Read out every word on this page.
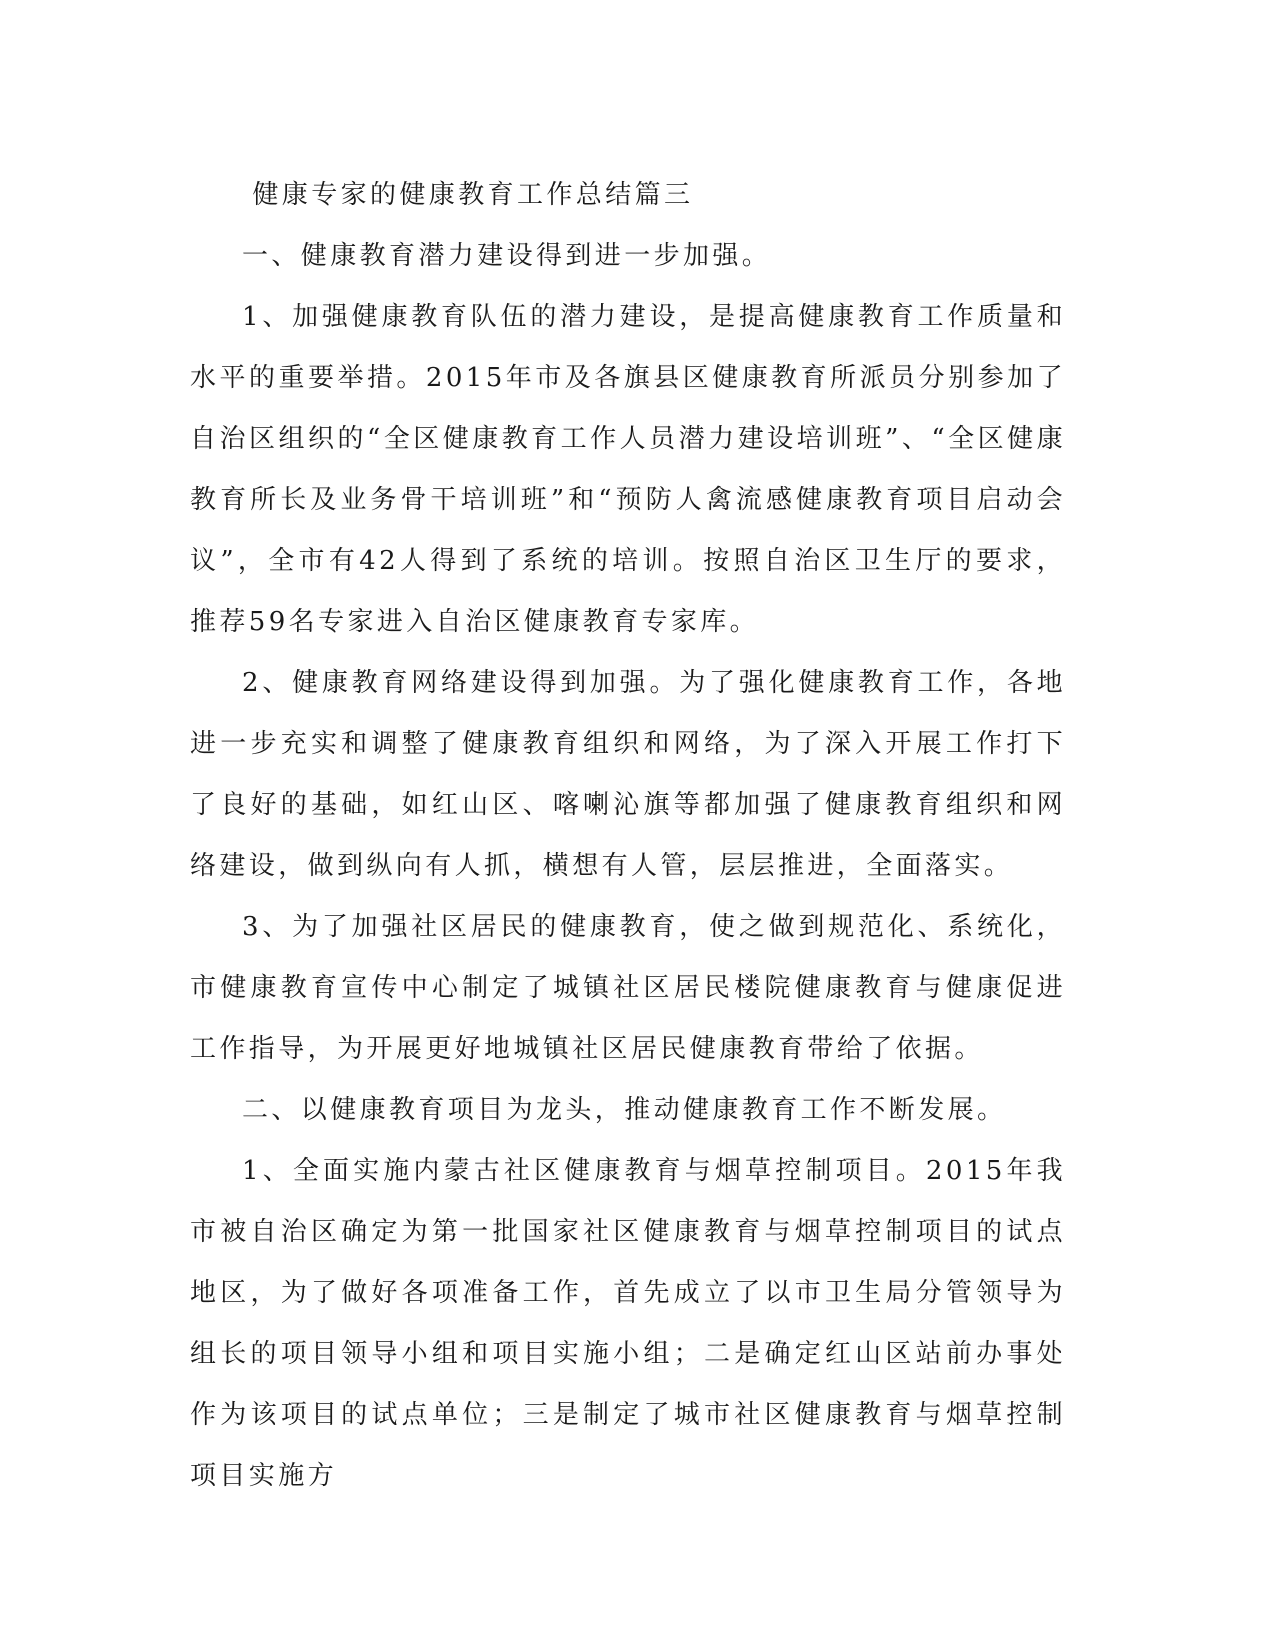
健康专家的健康教育工作总结篇三

一、健康教育潜力建设得到进一步加强。

1、加强健康教育队伍的潜力建设，是提高健康教育工作质量和水平的重要举措。2015年市及各旗县区健康教育所派员分别参加了自治区组织的“全区健康教育工作人员潜力建设培训班”、“全区健康教育所长及业务骨干培训班”和“预防人禽流感健康教育项目启动会议”，全市有42人得到了系统的培训。按照自治区卫生厅的要求，推荐59名专家进入自治区健康教育专家库。

2、健康教育网络建设得到加强。为了强化健康教育工作，各地进一步充实和调整了健康教育组织和网络，为了深入开展工作打下了良好的基础，如红山区、喀喇沁旗等都加强了健康教育组织和网络建设，做到纵向有人抓，横想有人管，层层推进，全面落实。

3、为了加强社区居民的健康教育，使之做到规范化、系统化，市健康教育宣传中心制定了城镇社区居民楼院健康教育与健康促进工作指导，为开展更好地城镇社区居民健康教育带给了依据。

二、以健康教育项目为龙头，推动健康教育工作不断发展。

1、全面实施内蒙古社区健康教育与烟草控制项目。2015年我市被自治区确定为第一批国家社区健康教育与烟草控制项目的试点地区，为了做好各项准备工作，首先成立了以市卫生局分管领导为组长的项目领导小组和项目实施小组；二是确定红山区站前办事处作为该项目的试点单位；三是制定了城市社区健康教育与烟草控制项目实施方
